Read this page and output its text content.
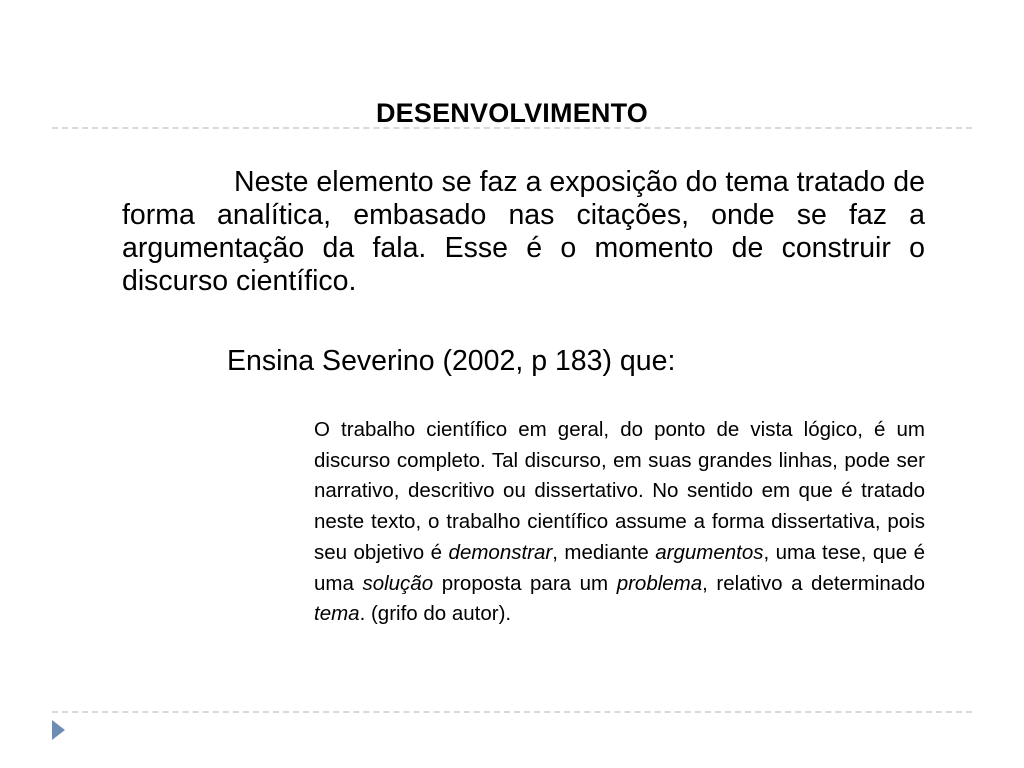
DESENVOLVIMENTO

Neste elemento se faz a exposição do tema tratado de forma analítica, embasado nas citações, onde se faz a argumentação da fala. Esse é o momento de construir o discurso científico.

Ensina Severino (2002, p 183) que:

O trabalho científico em geral, do ponto de vista lógico, é um discurso completo. Tal discurso, em suas grandes linhas, pode ser narrativo, descritivo ou dissertativo. No sentido em que é tratado neste texto, o trabalho científico assume a forma dissertativa, pois seu objetivo é demonstrar, mediante argumentos, uma tese, que é uma solução proposta para um problema, relativo a determinado tema. (grifo do autor).
